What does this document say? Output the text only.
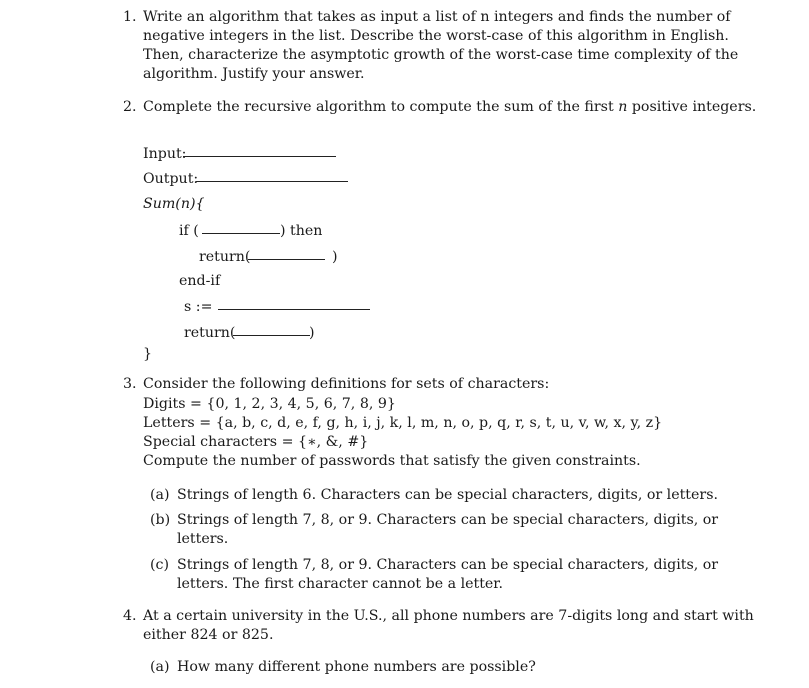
1. Write an algorithm that takes as input a list of n integers and finds the number of
negative integers in the list. Describe the worst-case of this algorithm in English.
Then, characterize the asymptotic growth of the worst-case time complexity of the
algorithm. Justify your answer.
2. Complete the recursive algorithm to compute the sum of the first n positive integers.
Input:
Output:
Sum(n){
if (	) then
return(	)
end-if
s :=
return(	)
}
3. Consider the following definitions for sets of characters:
Digits = {0, 1, 2, 3, 4, 5, 6, 7, 8, 9}
Letters = {a, b, c, d, e, f, g, h, i, j, k, l, m, n, o, p, q, r, s, t, u, v, w, x, y, z}
Special characters = {∗, &, #}
Compute the number of passwords that satisfy the given constraints.
(a) Strings of length 6. Characters can be special characters, digits, or letters.
(b) Strings of length 7, 8, or 9. Characters can be special characters, digits, or
letters.
(c) Strings of length 7, 8, or 9. Characters can be special characters, digits, or
letters. The first character cannot be a letter.
4. At a certain university in the U.S., all phone numbers are 7-digits long and start with
either 824 or 825.
(a) How many different phone numbers are possible?
